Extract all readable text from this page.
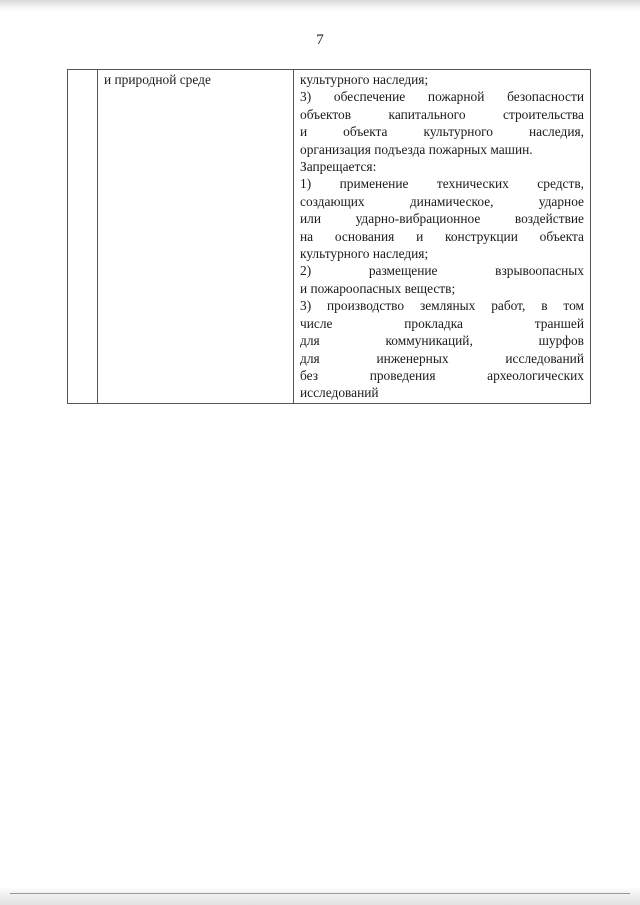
7

и природной среде	культурного наследия;
3) обеспечение пожарной безопасности
объектов капитального строительства
и объекта культурного наследия,
организация подъезда пожарных машин.
Запрещается:
1) применение технических средств,
создающих динамическое, ударное
или ударно-вибрационное воздействие
на основания и конструкции объекта
культурного наследия;
2) размещение взрывоопасных
и пожароопасных веществ;
3) производство земляных работ, в том
числе прокладка траншей
для коммуникаций, шурфов
для инженерных исследований
без проведения археологических
исследований
